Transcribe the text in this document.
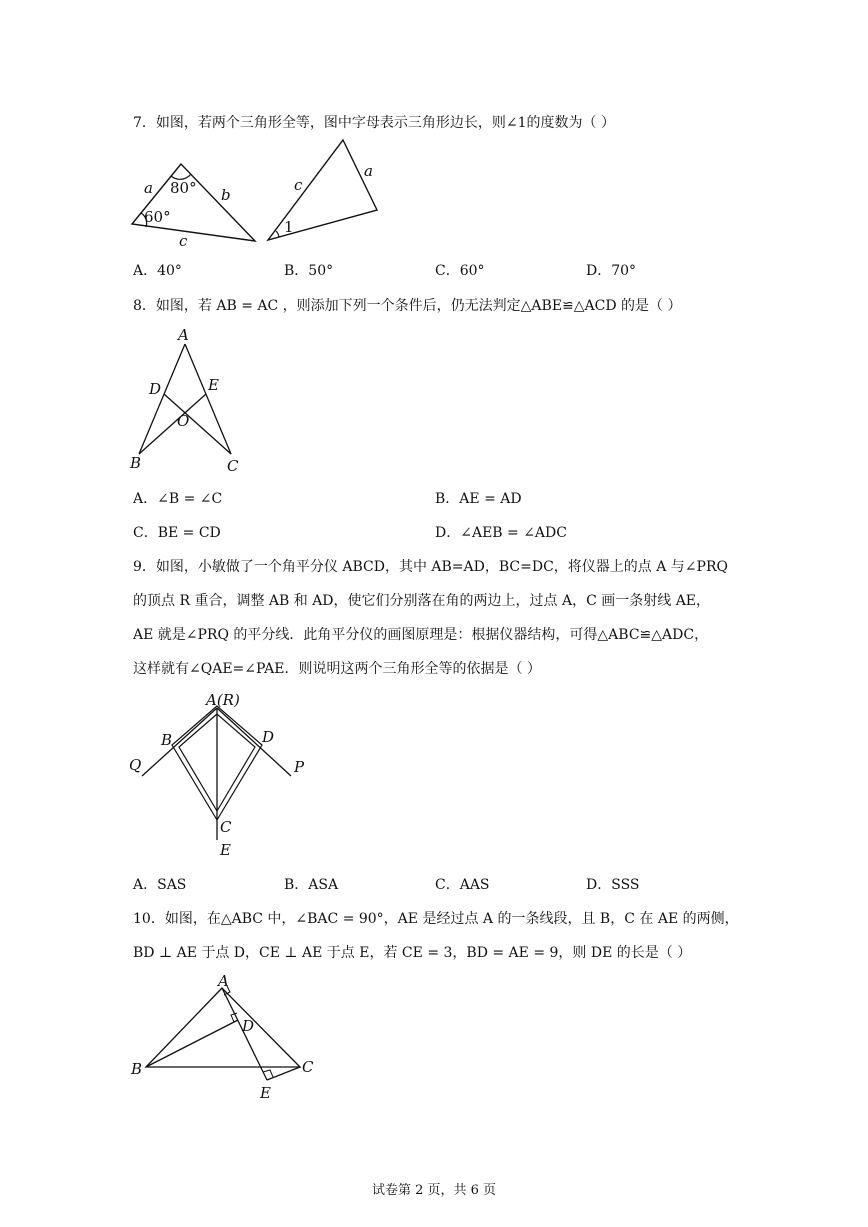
7．如图，若两个三角形全等，图中字母表示三角形边长，则∠1的度数为（ ）
a 80° b
60°
c
c
a
1
A．40°	B．50°	C．60°	D．70°
8．如图，若 AB = AC ，则添加下列一个条件后，仍无法判定△ABE≌△ACD 的是（ ）
A
D	E
O
B	C
A．∠B = ∠C	B．AE = AD
C．BE = CD	D．∠AEB = ∠ADC
9．如图，小敏做了一个角平分仪 ABCD，其中 AB=AD，BC=DC，将仪器上的点 A 与∠PRQ
的顶点 R 重合，调整 AB 和 AD，使它们分别落在角的两边上，过点 A，C 画一条射线 AE，
AE 就是∠PRQ 的平分线．此角平分仪的画图原理是：根据仪器结构，可得△ABC≌△ADC，
这样就有∠QAE=∠PAE．则说明这两个三角形全等的依据是（ ）
A(R)
B	D
Q	P
C
E
A．SAS	B．ASA	C．AAS	D．SSS
10．如图，在△ABC 中，∠BAC = 90°，AE 是经过点 A 的一条线段，且 B，C 在 AE 的两侧，
BD ⊥ AE 于点 D，CE ⊥ AE 于点 E，若 CE = 3，BD = AE = 9，则 DE 的长是（ ）
A
D
B	C
E
试卷第 2 页，共 6 页
